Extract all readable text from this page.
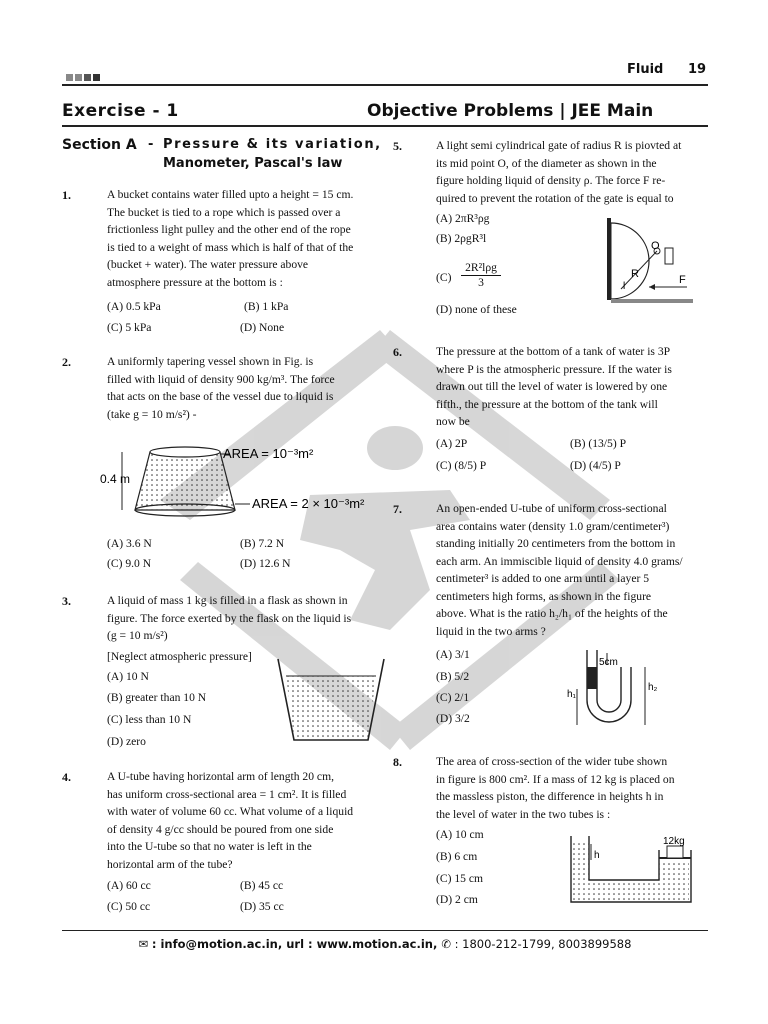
Fluid 19
Exercise - 1	Objective Problems | JEE Main
Section A - Pressure & its variation,
Manometer, Pascal's law
1.	A bucket contains water filled upto a height = 15 cm.
The bucket is tied to a rope which is passed over a
frictionless light pulley and the other end of the rope
is tied to a weight of mass which is half of that of the
(bucket + water). The water pressure above
atmosphere pressure at the bottom is :
(A) 0.5 kPa	(B) 1 kPa
(C) 5 kPa	(D) None
2.	A uniformly tapering vessel shown in Fig. is
filled with liquid of density 900 kg/m³. The force
that acts on the base of the vessel due to liquid is
(take g = 10 m/s²) -
0.4 m
AREA = 10⁻³m²
AREA = 2 × 10⁻³m²
(A) 3.6 N	(B) 7.2 N
(C) 9.0 N	(D) 12.6 N
3.	A liquid of mass 1 kg is filled in a flask as shown in
figure. The force exerted by the flask on the liquid is
(g = 10 m/s²)
[Neglect atmospheric pressure]
(A) 10 N
(B) greater than 10 N
(C) less than 10 N
(D) zero
4.	A U-tube having horizontal arm of length 20 cm,
has uniform cross-sectional area = 1 cm². It is filled
with water of volume 60 cc. What volume of a liquid
of density 4 g/cc should be poured from one side
into the U-tube so that no water is left in the
horizontal arm of the tube?
(A) 60 cc	(B) 45 cc
(C) 50 cc	(D) 35 cc
5.	A light semi cylindrical gate of radius R is piovted at
its mid point O, of the diameter as shown in the
figure holding liquid of density ρ. The force F re-
quired to prevent the rotation of the gate is equal to
(A) 2πR³ρg
(B) 2ρgR³l
(C)
2R²lρg
3
(D) none of these
O
R
l
F
6.	The pressure at the bottom of a tank of water is 3P
where P is the atmospheric pressure. If the water is
drawn out till the level of water is lowered by one
fifth., the pressure at the bottom of the tank will
now be
(A) 2P	(B) (13/5) P
(C) (8/5) P	(D) (4/5) P
7.	An open-ended U-tube of uniform cross-sectional
area contains water (density 1.0 gram/centimeter³)
standing initially 20 centimeters from the bottom in
each arm. An immiscible liquid of density 4.0 grams/
centimeter³ is added to one arm until a layer 5
centimeters high forms, as shown in the figure
above. What is the ratio h₂/h₁ of the heights of the
liquid in the two arms ?
(A) 3/1
(B) 5/2
(C) 2/1
(D) 3/2
5cm
h₁
h₂
8.	The area of cross-section of the wider tube shown
in figure is 800 cm². If a mass of 12 kg is placed on
the massless piston, the difference in heights h in
the level of water in the two tubes is :
(A) 10 cm
(B) 6 cm
(C) 15 cm
(D) 2 cm
12kg
h
✉ : info@motion.ac.in, url : www.motion.ac.in, ✆ : 1800-212-1799, 8003899588
